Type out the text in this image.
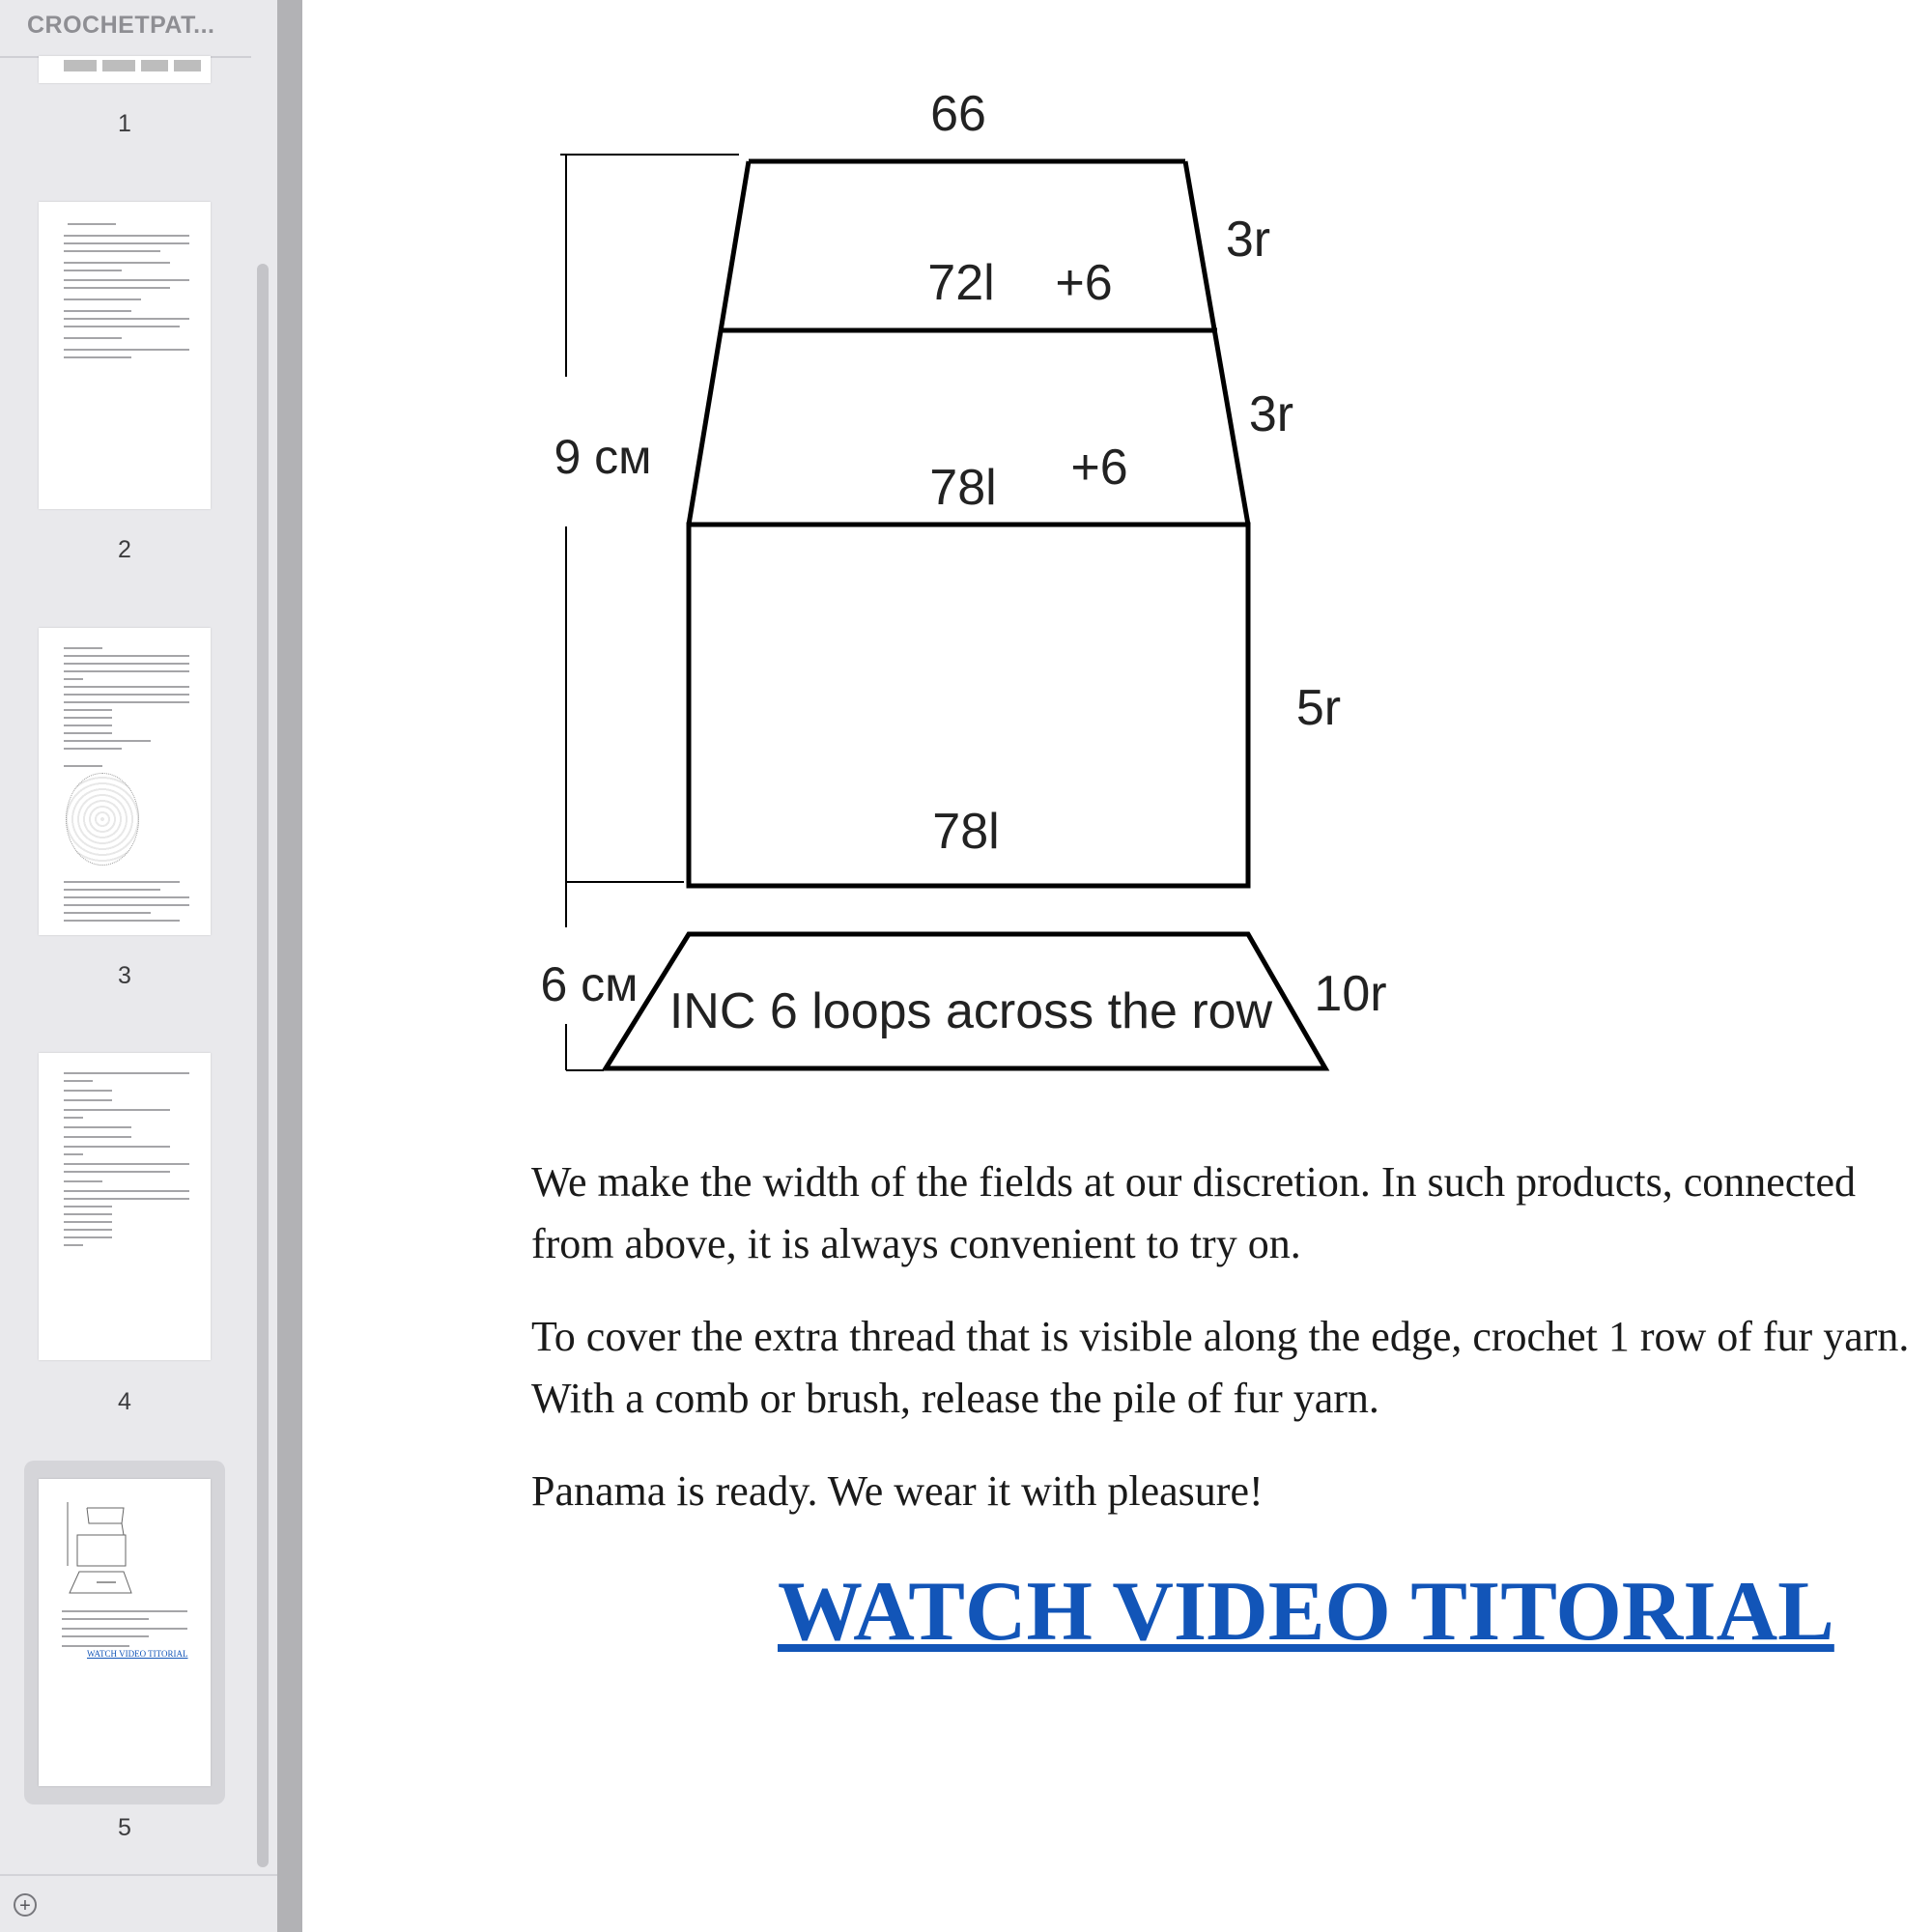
CROCHETPAT...
1
2
3
4
WATCH VIDEO TITORIAL
5
+
66
72l +6
3r
78l +6
3r
9 см
78l
5r
6 см INC 6 loops across the row 10r
We make the width of the fields at our discretion. In such products, connected from above, it is always convenient to try on.
To cover the extra thread that is visible along the edge, crochet 1 row of fur yarn. With a comb or brush, release the pile of fur yarn.
Panama is ready. We wear it with pleasure!
WATCH VIDEO TITORIAL
